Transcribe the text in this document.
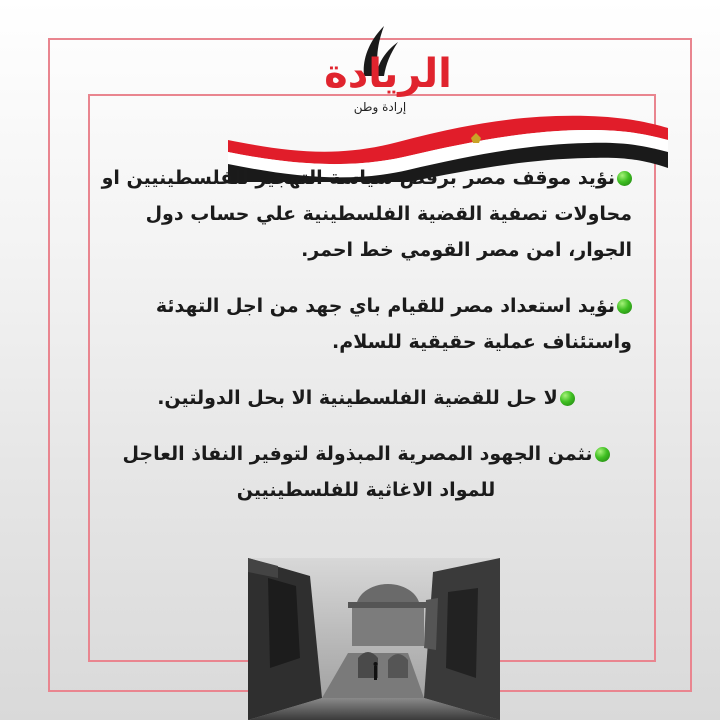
الريادة
إرادة وطن

نؤيد موقف مصر برفض سياسة التهجير للفلسطينيين او محاولات تصفية القضية الفلسطينية علي حساب دول الجوار، امن مصر القومي خط احمر.

نؤيد استعداد مصر للقيام باي جهد من اجل التهدئة واستئناف عملية حقيقية للسلام.

لا حل للقضية الفلسطينية الا بحل الدولتين.

نثمن الجهود المصرية المبذولة لتوفير النفاذ العاجل للمواد الاغاثية للفلسطينيين
